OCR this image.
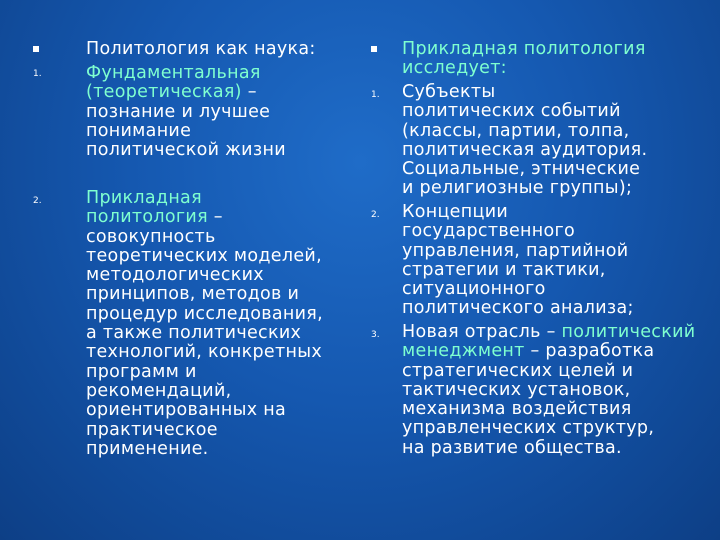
Политология как наука:
1.	Фундаментальная
(теоретическая) –
познание и лучшее
понимание
политической жизни
2.	Прикладная
политология –
совокупность
теоретических моделей,
методологических
принципов, методов и
процедур исследования,
а также политических
технологий, конкретных
программ и
рекомендаций,
ориентированных на
практическое
применение.
Прикладная политология
исследует:
1. Субъекты
политических событий
(классы, партии, толпа,
политическая аудитория.
Социальные, этнические
и религиозные группы);
2. Концепции
государственного
управления, партийной
стратегии и тактики,
ситуационного
политического анализа;
3. Новая отрасль – политический
менеджмент – разработка
стратегических целей и
тактических установок,
механизма воздействия
управленческих структур,
на развитие общества.
